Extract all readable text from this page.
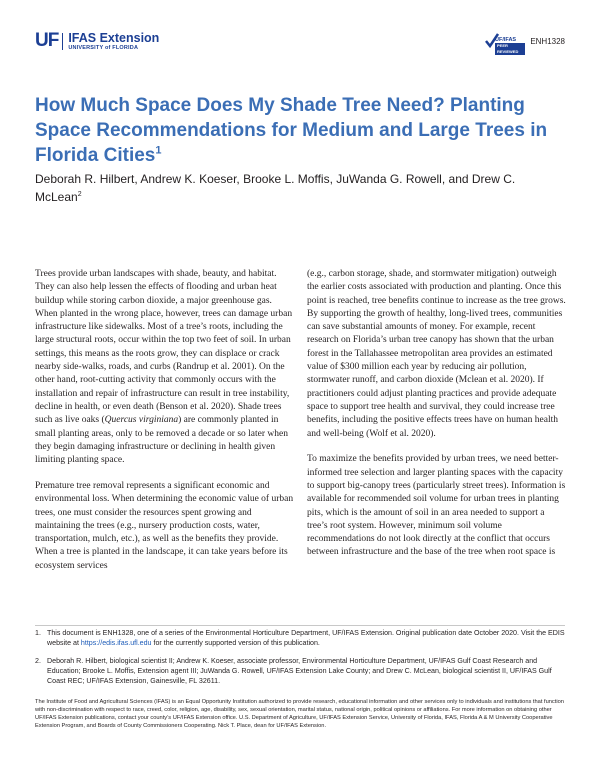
UF IFAS Extension
UNIVERSITY of FLORIDA
UF/IFAS
PEER REVIEWED
ENH1328
How Much Space Does My Shade Tree Need? Planting Space Recommendations for Medium and Large Trees in Florida Cities$^1$
Deborah R. Hilbert, Andrew K. Koeser, Brooke L. Moffis, JuWanda G. Rowell, and Drew C. McLean$^2$

Trees provide urban landscapes with shade, beauty, and habitat. They can also help lessen the effects of flooding and urban heat buildup while storing carbon dioxide, a major greenhouse gas. When planted in the wrong place, however, trees can damage urban infrastructure like sidewalks. Most of a tree’s roots, including the large structural roots, occur within the top two feet of soil. In urban settings, this means as the roots grow, they can displace or crack nearby side-walks, roads, and curbs (Randrup et al. 2001). On the other hand, root-cutting activity that commonly occurs with the installation and repair of infrastructure can result in tree instability, decline in health, or even death (Benson et al. 2020). Shade trees such as live oaks (Quercus virginiana) are commonly planted in small planting areas, only to be removed a decade or so later when they begin damaging infrastructure or declining in health given limiting planting space.

Premature tree removal represents a significant economic and environmental loss. When determining the economic value of urban trees, one must consider the resources spent growing and maintaining the trees (e.g., nursery production costs, water, transportation, mulch, etc.), as well as the benefits they provide. When a tree is planted in the landscape, it can take years before its ecosystem services

(e.g., carbon storage, shade, and stormwater mitigation) outweigh the earlier costs associated with production and planting. Once this point is reached, tree benefits continue to increase as the tree grows. By supporting the growth of healthy, long-lived trees, communities can save substantial amounts of money. For example, recent research on Florida’s urban tree canopy has shown that the urban forest in the Tallahassee metropolitan area provides an estimated value of $300 million each year by reducing air pollution, stormwater runoff, and carbon dioxide (Mclean et al. 2020). If practitioners could adjust planting practices and provide adequate space to support tree health and survival, they could increase tree benefits, including the positive effects trees have on human health and well-being (Wolf et al. 2020).

To maximize the benefits provided by urban trees, we need better-informed tree selection and larger planting spaces with the capacity to support big-canopy trees (particularly street trees). Information is available for recommended soil volume for urban trees in planting pits, which is the amount of soil in an area needed to support a tree’s root system. However, minimum soil volume recommendations do not look directly at the conflict that occurs between infrastructure and the base of the tree when root space is

1. This document is ENH1328, one of a series of the Environmental Horticulture Department, UF/IFAS Extension. Original publication date October 2020. Visit the EDIS website at https://edis.ifas.ufl.edu for the currently supported version of this publication.
2. Deborah R. Hilbert, biological scientist II; Andrew K. Koeser, associate professor, Environmental Horticulture Department, UF/IFAS Gulf Coast Research and Education; Brooke L. Moffis, Extension agent III; JuWanda G. Rowell, UF/IFAS Extension Lake County; and Drew C. McLean, biological scientist II, UF/IFAS Gulf Coast REC; UF/IFAS Extension, Gainesville, FL 32611.
The Institute of Food and Agricultural Sciences (IFAS) is an Equal Opportunity Institution authorized to provide research, educational information and other services only to individuals and institutions that function with non-discrimination with respect to race, creed, color, religion, age, disability, sex, sexual orientation, marital status, national origin, political opinions or affiliations. For more information on obtaining other UF/IFAS Extension publications, contact your county’s UF/IFAS Extension office. U.S. Department of Agriculture, UF/IFAS Extension Service, University of Florida, IFAS, Florida A & M University Cooperative Extension Program, and Boards of County Commissioners Cooperating. Nick T. Place, dean for UF/IFAS Extension.
